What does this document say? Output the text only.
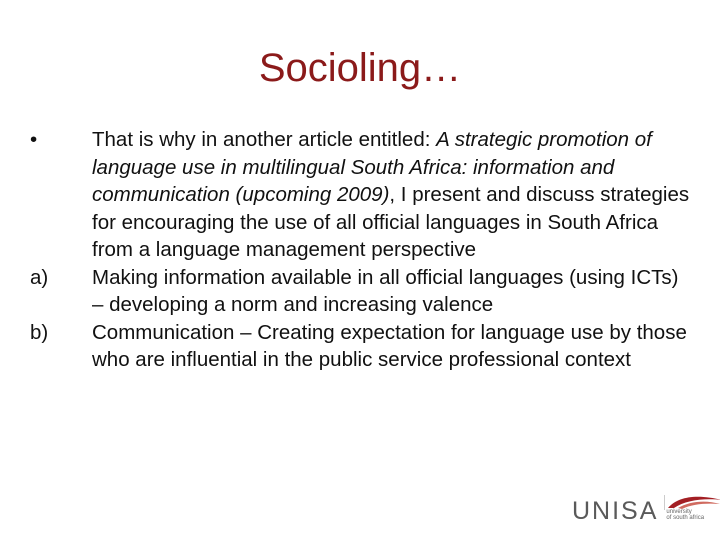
Socioling…
•	That is why in another article entitled: A strategic promotion of language use in multilingual South Africa: information and communication (upcoming 2009), I present and discuss strategies for encouraging the use of all official languages in South Africa from a language management perspective
a)	Making information available in all official languages (using ICTs) – developing a norm and increasing valence
b)	Communication – Creating expectation for language use by those who are influential in the public service professional context
UNISA university
of south africa
